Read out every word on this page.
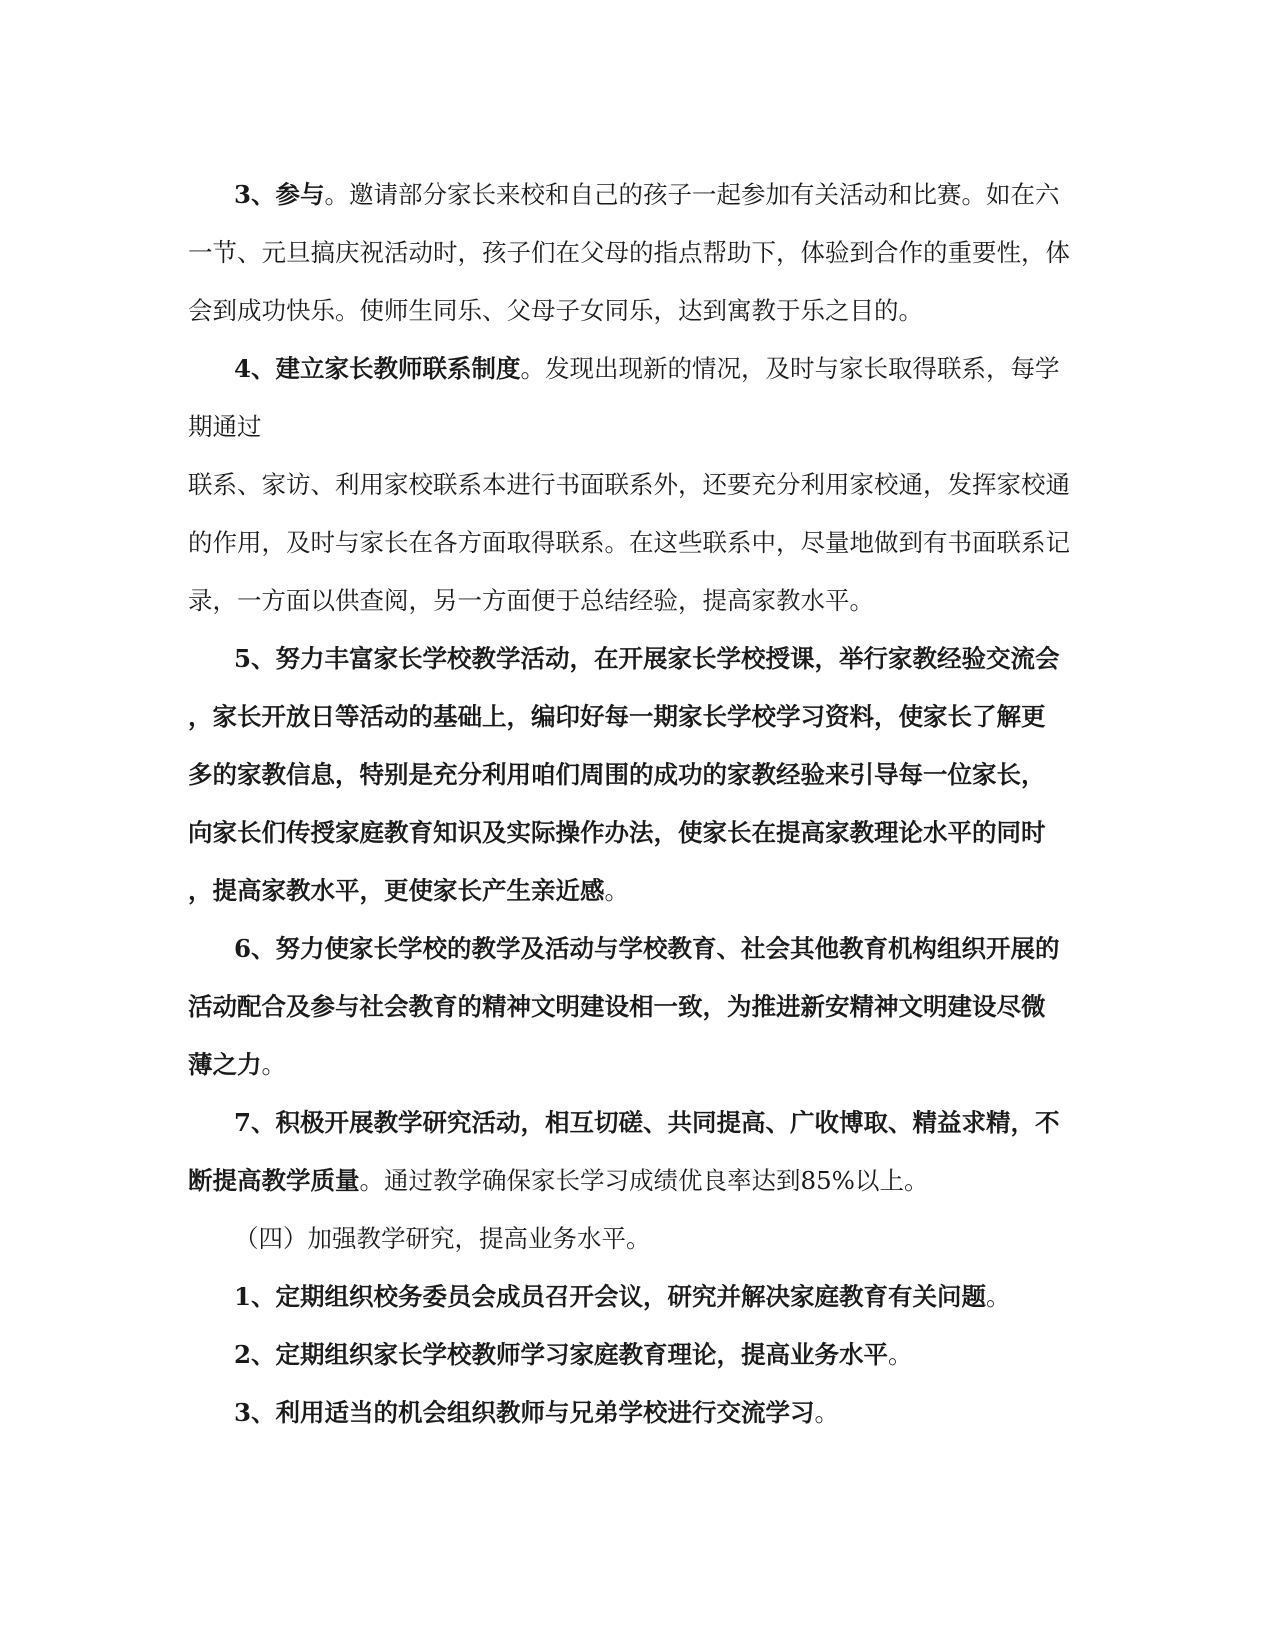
3、参与。邀请部分家长来校和自己的孩子一起参加有关活动和比赛。如在六

一节、元旦搞庆祝活动时，孩子们在父母的指点帮助下，体验到合作的重要性，体

会到成功快乐。使师生同乐、父母子女同乐，达到寓教于乐之目的。

4、建立家长教师联系制度。发现出现新的情况，及时与家长取得联系，每学

期通过

联系、家访、利用家校联系本进行书面联系外，还要充分利用家校通，发挥家校通

的作用，及时与家长在各方面取得联系。在这些联系中，尽量地做到有书面联系记

录，一方面以供查阅，另一方面便于总结经验，提高家教水平。

5、努力丰富家长学校教学活动，在开展家长学校授课，举行家教经验交流会

，家长开放日等活动的基础上，编印好每一期家长学校学习资料，使家长了解更

多的家教信息，特别是充分利用咱们周围的成功的家教经验来引导每一位家长，

向家长们传授家庭教育知识及实际操作办法，使家长在提高家教理论水平的同时

，提高家教水平，更使家长产生亲近感。

6、努力使家长学校的教学及活动与学校教育、社会其他教育机构组织开展的

活动配合及参与社会教育的精神文明建设相一致，为推进新安精神文明建设尽微

薄之力。

7、积极开展教学研究活动，相互切磋、共同提高、广收博取、精益求精，不

断提高教学质量。通过教学确保家长学习成绩优良率达到85%以上。

（四）加强教学研究，提高业务水平。

1、定期组织校务委员会成员召开会议，研究并解决家庭教育有关问题。

2、定期组织家长学校教师学习家庭教育理论，提高业务水平。

3、利用适当的机会组织教师与兄弟学校进行交流学习。
